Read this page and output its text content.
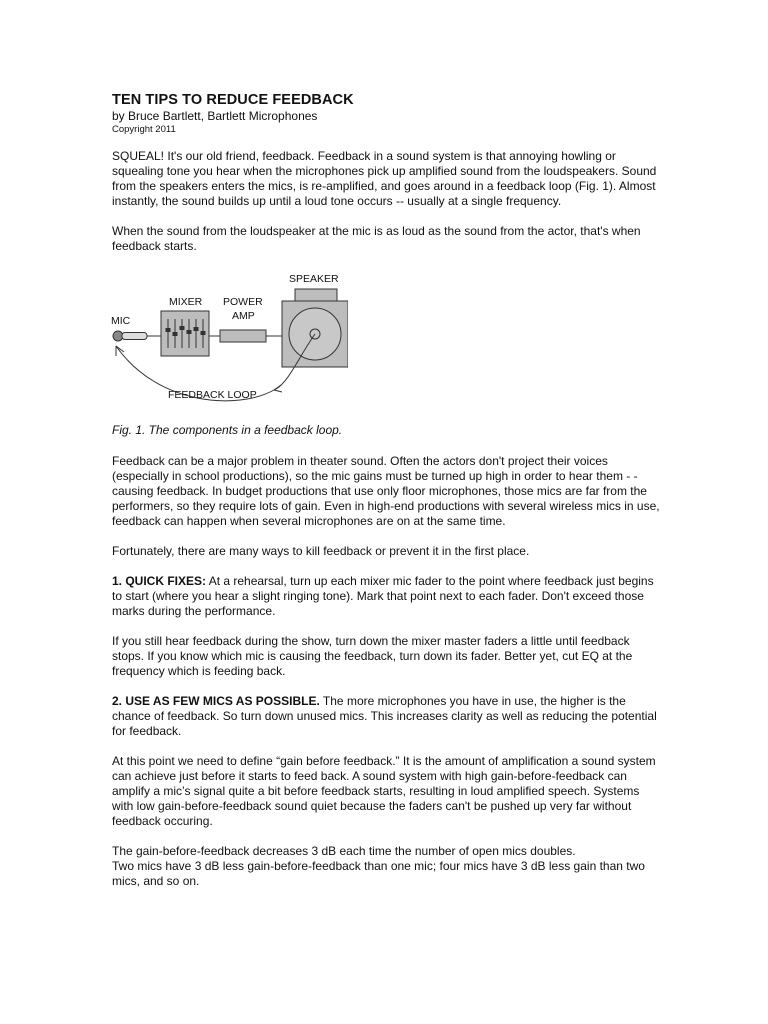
TEN TIPS TO REDUCE FEEDBACK
by Bruce Bartlett, Bartlett Microphones
Copyright 2011

SQUEAL! It's our old friend, feedback. Feedback in a sound system is that annoying howling or squealing tone you hear when the microphones pick up amplified sound from the loudspeakers. Sound from the speakers enters the mics, is re-amplified, and goes around in a feedback loop (Fig. 1). Almost instantly, the sound builds up until a loud tone occurs -- usually at a single frequency.

When the sound from the loudspeaker at the mic is as loud as the sound from the actor, that's when feedback starts.

SPEAKER
MIXER POWER
AMP
MIC
FEEDBACK LOOP
Fig. 1. The components in a feedback loop.

Feedback can be a major problem in theater sound. Often the actors don't project their voices (especially in school productions), so the mic gains must be turned up high in order to hear them - - causing feedback. In budget productions that use only floor microphones, those mics are far from the performers, so they require lots of gain. Even in high-end productions with several wireless mics in use, feedback can happen when several microphones are on at the same time.

Fortunately, there are many ways to kill feedback or prevent it in the first place.

1. QUICK FIXES: At a rehearsal, turn up each mixer mic fader to the point where feedback just begins to start (where you hear a slight ringing tone). Mark that point next to each fader. Don't exceed those marks during the performance.

If you still hear feedback during the show, turn down the mixer master faders a little until feedback stops. If you know which mic is causing the feedback, turn down its fader. Better yet, cut EQ at the frequency which is feeding back.

2. USE AS FEW MICS AS POSSIBLE. The more microphones you have in use, the higher is the chance of feedback. So turn down unused mics. This increases clarity as well as reducing the potential for feedback.

At this point we need to define “gain before feedback.” It is the amount of amplification a sound system can achieve just before it starts to feed back. A sound system with high gain-before-feedback can amplify a mic’s signal quite a bit before feedback starts, resulting in loud amplified speech. Systems with low gain-before-feedback sound quiet because the faders can't be pushed up very far without feedback occuring.

The gain-before-feedback decreases 3 dB each time the number of open mics doubles.

Two mics have 3 dB less gain-before-feedback than one mic; four mics have 3 dB less gain than two mics, and so on.
